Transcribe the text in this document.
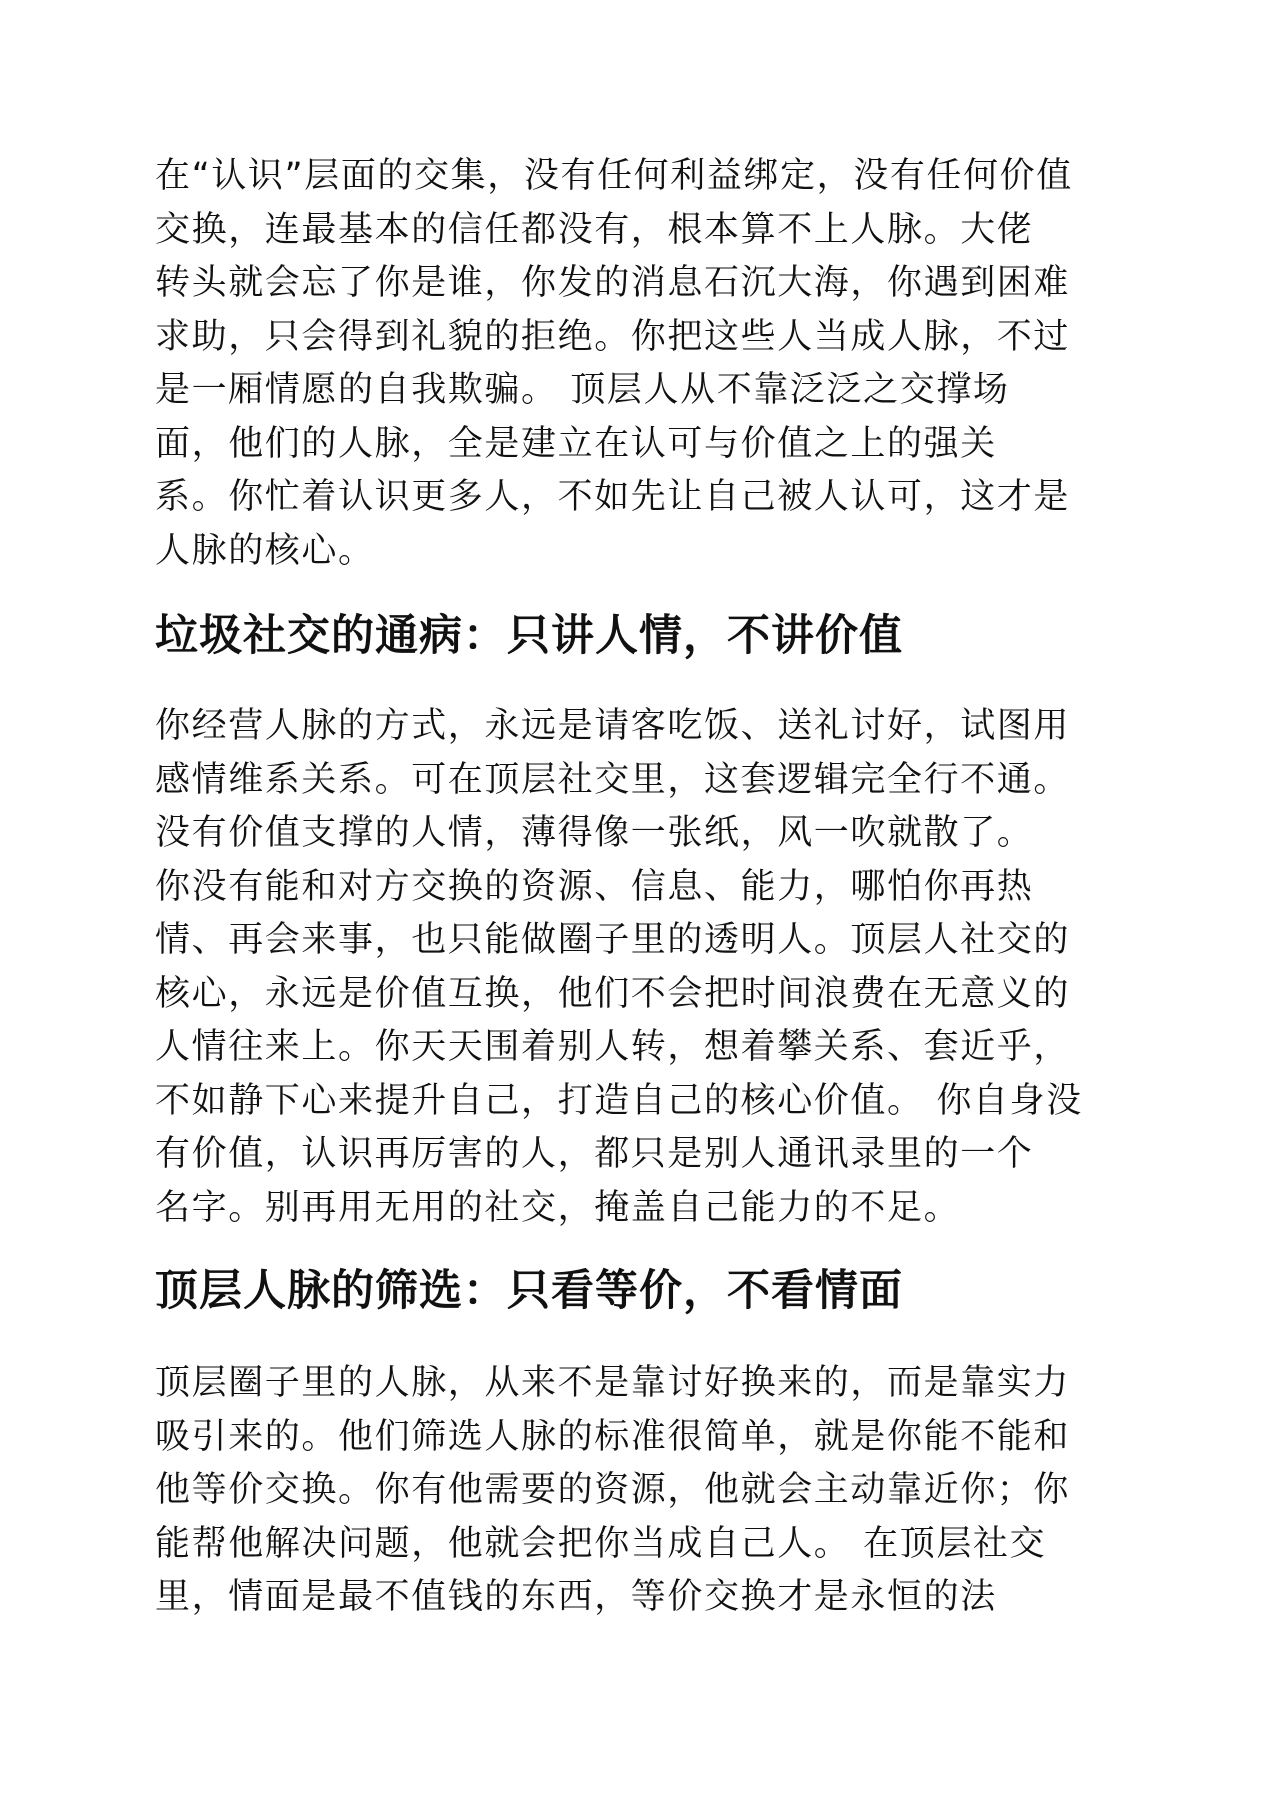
在“认识”层面的交集，没有任何利益绑定，没有任何价值
交换，连最基本的信任都没有，根本算不上人脉。大佬
转头就会忘了你是谁，你发的消息石沉大海，你遇到困难
求助，只会得到礼貌的拒绝。你把这些人当成人脉，不过
是一厢情愿的自我欺骗。 顶层人从不靠泛泛之交撑场
面，他们的人脉，全是建立在认可与价值之上的强关
系。你忙着认识更多人，不如先让自己被人认可，这才是
人脉的核心。
垃圾社交的通病：只讲人情，不讲价值
你经营人脉的方式，永远是请客吃饭、送礼讨好，试图用
感情维系关系。可在顶层社交里，这套逻辑完全行不通。
没有价值支撑的人情，薄得像一张纸，风一吹就散了。
你没有能和对方交换的资源、信息、能力，哪怕你再热
情、再会来事，也只能做圈子里的透明人。顶层人社交的
核心，永远是价值互换，他们不会把时间浪费在无意义的
人情往来上。你天天围着别人转，想着攀关系、套近乎，
不如静下心来提升自己，打造自己的核心价值。 你自身没
有价值，认识再厉害的人，都只是别人通讯录里的一个
名字。别再用无用的社交，掩盖自己能力的不足。
顶层人脉的筛选：只看等价，不看情面
顶层圈子里的人脉，从来不是靠讨好换来的，而是靠实力
吸引来的。他们筛选人脉的标准很简单，就是你能不能和
他等价交换。你有他需要的资源，他就会主动靠近你；你
能帮他解决问题，他就会把你当成自己人。 在顶层社交
里，情面是最不值钱的东西，等价交换才是永恒的法
